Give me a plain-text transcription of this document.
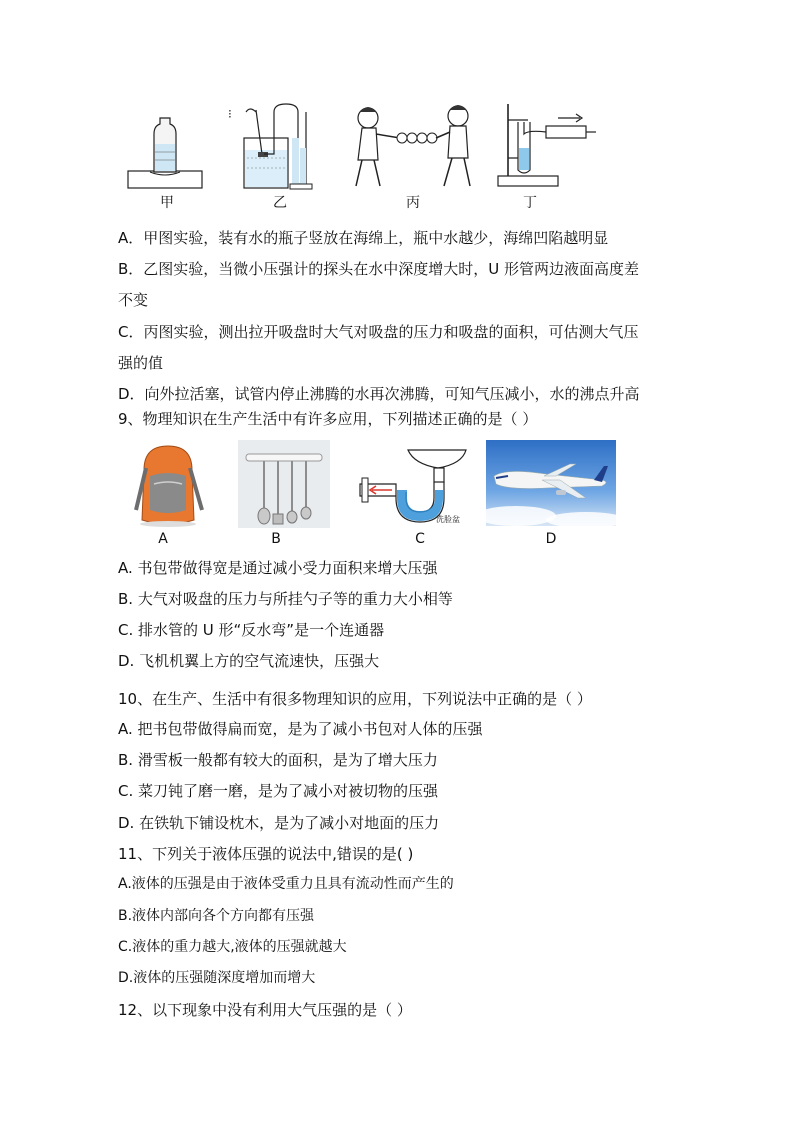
甲
⁝
乙	丙	丁
A．甲图实验，装有水的瓶子竖放在海绵上，瓶中水越少，海绵凹陷越明显
B．乙图实验，当微小压强计的探头在水中深度增大时，U 形管两边液面高度差
不变
C．丙图实验，测出拉开吸盘时大气对吸盘的压力和吸盘的面积，可估测大气压
强的值
D．向外拉活塞，试管内停止沸腾的水再次沸腾，可知气压减小，水的沸点升高
9、物理知识在生产生活中有许多应用，下列描述正确的是（ ）
A	B
洗脸盆
C	D
A. 书包带做得宽是通过减小受力面积来增大压强
B. 大气对吸盘的压力与所挂勺子等的重力大小相等
C. 排水管的 U 形“反水弯”是一个连通器
D. 飞机机翼上方的空气流速快，压强大
10、在生产、生活中有很多物理知识的应用，下列说法中正确的是（ ）
A. 把书包带做得扁而宽，是为了减小书包对人体的压强
B. 滑雪板一般都有较大的面积，是为了增大压力
C. 菜刀钝了磨一磨，是为了减小对被切物的压强
D. 在铁轨下铺设枕木，是为了减小对地面的压力
11、下列关于液体压强的说法中,错误的是( )
A.液体的压强是由于液体受重力且具有流动性而产生的
B.液体内部向各个方向都有压强
C.液体的重力越大,液体的压强就越大
D.液体的压强随深度增加而增大
12、以下现象中没有利用大气压强的是（ ）
